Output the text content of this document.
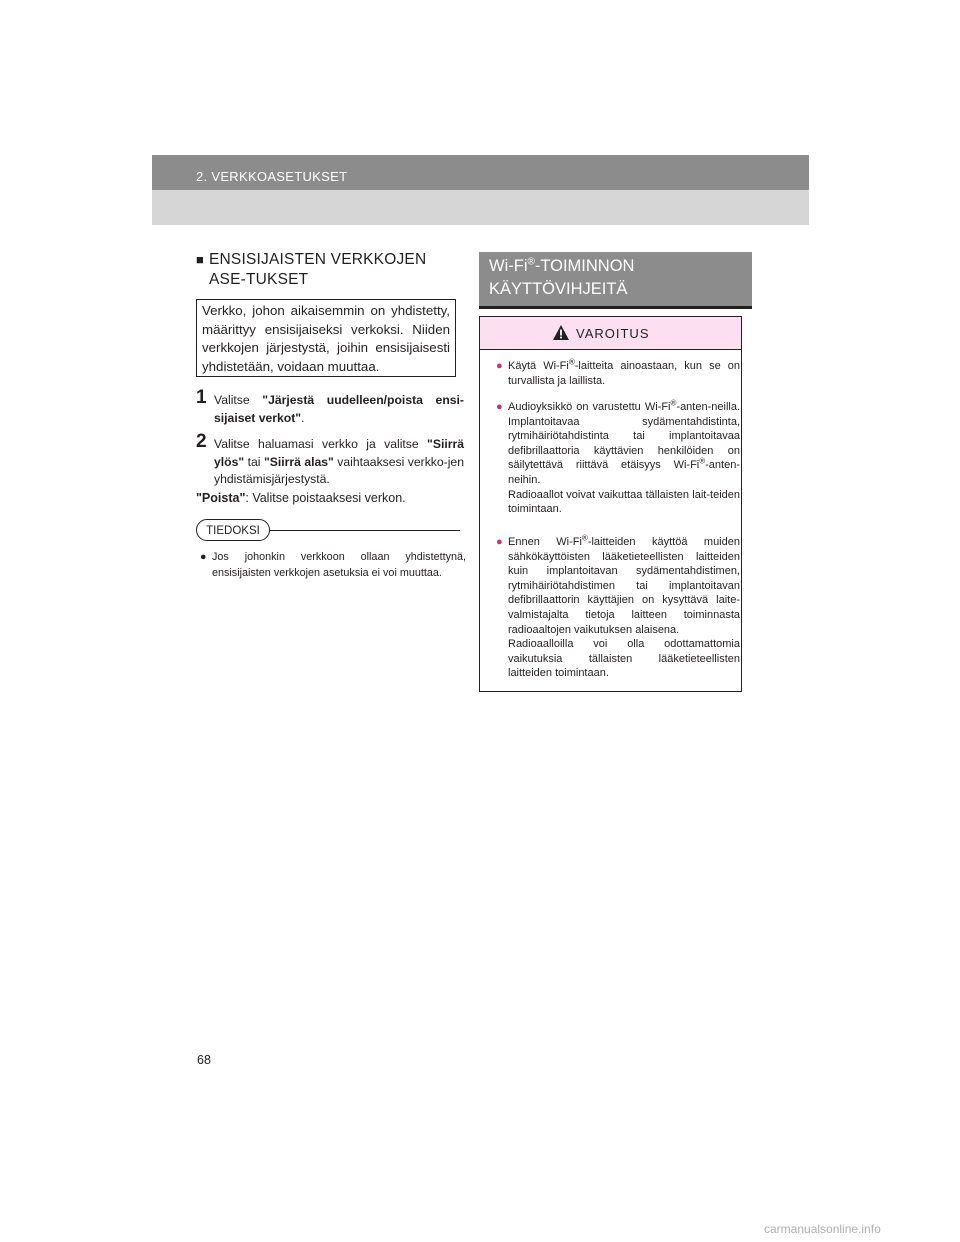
2. VERKKOASETUKSET
■ ENSISIJAISTEN VERKKOJEN ASE-TUKSET
Verkko, johon aikaisemmin on yhdistetty, määrittyy ensisijaiseksi verkoksi. Niiden verkkojen järjestystä, joihin ensisijaisesti yhdistetään, voidaan muuttaa.
1 Valitse "Järjestä uudelleen/poista ensi-sijaiset verkot".
2 Valitse haluamasi verkko ja valitse "Siirrä ylös" tai "Siirrä alas" vaihtaaksesi verkko-jen yhdistämisjärjestystä.
"Poista": Valitse poistaaksesi verkon.
TIEDOKSI
● Jos johonkin verkkoon ollaan yhdistettynä, ensisijaisten verkkojen asetuksia ei voi muuttaa.
Wi-Fi®-TOIMINNON
KÄYTTÖVIHJEITÄ
VAROITUS
● Käytä Wi-Fi®-laitteita ainoastaan, kun se on turvallista ja laillista.
● Audioyksikkö on varustettu Wi-Fi®-anten-neilla. Implantoitavaa sydämentahdistinta, rytmihäiriötahdistinta tai implantoitavaa defibrillaattoria käyttävien henkilöiden on säilytettävä riittävä etäisyys Wi-Fi®-anten-neihin.
Radioaallot voivat vaikuttaa tällaisten lait-teiden toimintaan.
● Ennen Wi-Fi®-laitteiden käyttöä muiden sähkökäyttöisten lääketieteellisten laitteiden kuin implantoitavan sydämentahdistimen, rytmihäiriötahdistimen tai implantoitavan defibrillaattorin käyttäjien on kysyttävä laite-valmistajalta tietoja laitteen toiminnasta radioaaltojen vaikutuksen alaisena.
Radioaalloilla voi olla odottamattomia vaikutuksia tällaisten lääketieteellisten laitteiden toimintaan.
68
carmanualsonline.info
